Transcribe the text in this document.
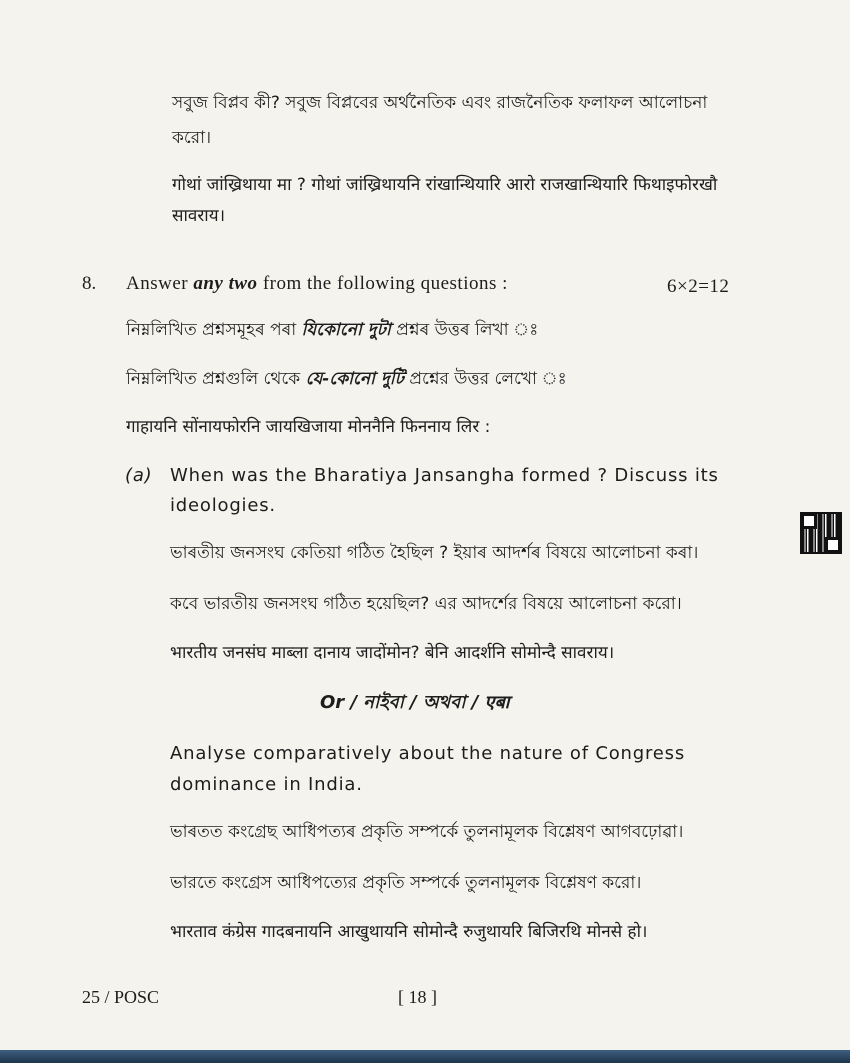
সবুজ বিপ্লব কী? সবুজ বিপ্লবের অর্থনৈতিক এবং রাজনৈতিক ফলাফল আলোচনা
করো।
गोथां जांख्रिथाया मा ? गोथां जांख्रिथायनि रांखान्थियारि आरो राजखान्थियारि फिथाइफोरखौ
सावराय।
8. Answer any two from the following questions :	6×2=12
নিম্নলিখিত প্ৰশ্নসমূহৰ পৰা যিকোনো দুটা প্ৰশ্নৰ উত্তৰ লিখা ঃ
নিম্নলিখিত প্রশ্নগুলি থেকে যে-কোনো দুটি প্রশ্নের উত্তর লেখো ঃ
गाहायनि सोंनायफोरनि जायखिजाया मोननैनि फिननाय लिर :
(a) When was the Bharatiya Jansangha formed ? Discuss its
ideologies.
ভাৰতীয় জনসংঘ কেতিয়া গঠিত হৈছিল ? ইয়াৰ আদৰ্শৰ বিষয়ে আলোচনা কৰা।
কবে ভারতীয় জনসংঘ গঠিত হয়েছিল? এর আদর্শের বিষয়ে আলোচনা করো।
भारतीय जनसंघ माब्ला दानाय जादोंमोन? बेनि आदर्शनि सोमोन्दै सावराय।
Or / নাইবা / অথবা / एबा
Analyse comparatively about the nature of Congress
dominance in India.
ভাৰতত কংগ্ৰেছ আধিপত্যৰ প্ৰকৃতি সম্পৰ্কে তুলনামূলক বিশ্লেষণ আগবঢ়োৱা।
ভারতে কংগ্রেস আধিপত্যের প্রকৃতি সম্পর্কে তুলনামূলক বিশ্লেষণ করো।
भारताव कंग्रेस गादबनायनि आखुथायनि सोमोन्दै रुजुथायरि बिजिरथि मोनसे हो।
25 / POSC	[ 18 ]
